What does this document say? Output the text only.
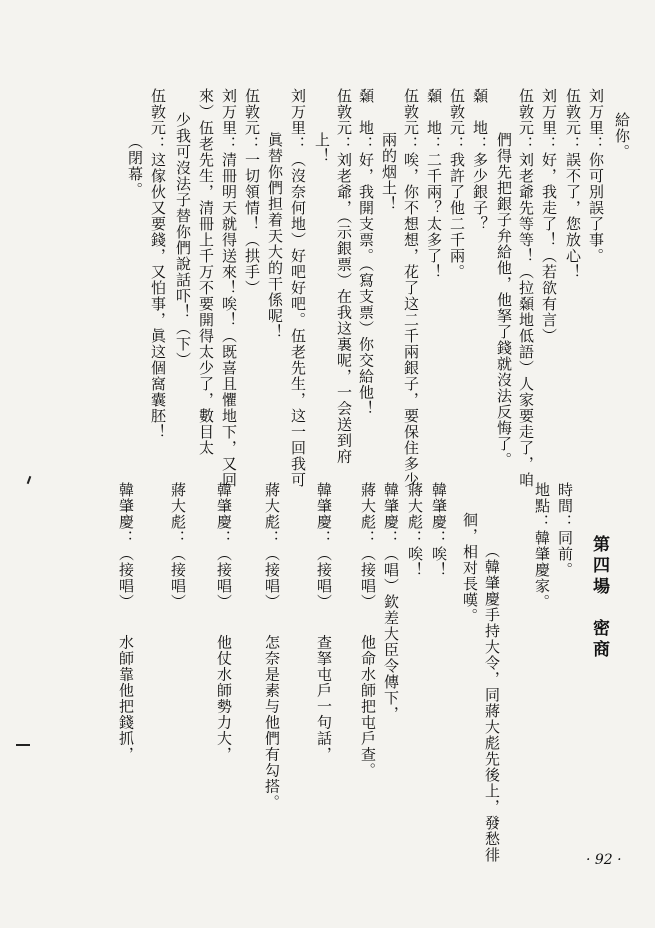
給你。
刘万里：你可別誤了事。
伍敦元：誤不了，您放心！
刘万里：好，我走了！（若欲有言）
伍敦元：刘老爺先等等！（拉顙地低語）人家要走了，咱
們得先把銀子弁給他，他拏了錢就沒法反悔了。
顙　地：多少銀子？
伍敦元：我許了他二千兩。
顙　地：二千兩？太多了！
伍敦元：唉，你不想想，花了这二千兩銀子，要保住多少
兩的烟土！
顙　地：好，我開支票。（寫支票）你交給他！
伍敦元：刘老爺，（示銀票）在我这裏呢，一会送到府
上！
刘万里：（沒奈何地）好吧好吧。伍老先生，这一回我可
眞替你們担着天大的干係呢！
伍敦元：一切領情！（拱手）
刘万里：清冊明天就得送來！唉！（既喜且懼地下，又回
來）伍老先生，清冊上千万不要開得太少了，數目太
少我可沒法子替你們說話吓！（下）
伍敦元：这傢伙又要錢，又怕事，眞这個窩囊胚！
（閉幕。
第四場　密商
時間：同前。
地點：韓肇慶家。
（韓肇慶手持大令，同蔣大彪先後上，發愁徘
徊，相对長嘆。
韓肇慶：唉！
蔣大彪：唉！
韓肇慶：（唱）欽差大臣令傳下，
蔣大彪：（接唱）　　他命水師把屯戶查。
韓肇慶：（接唱）　　查拏屯戶一句話，
蔣大彪：（接唱）　　怎奈是素与他們有勾搭。
韓肇慶：（接唱）　　他仗水師勢力大，
蔣大彪：（接唱）
韓肇慶：（接唱）　　水師靠他把錢抓，
· 92 ·
